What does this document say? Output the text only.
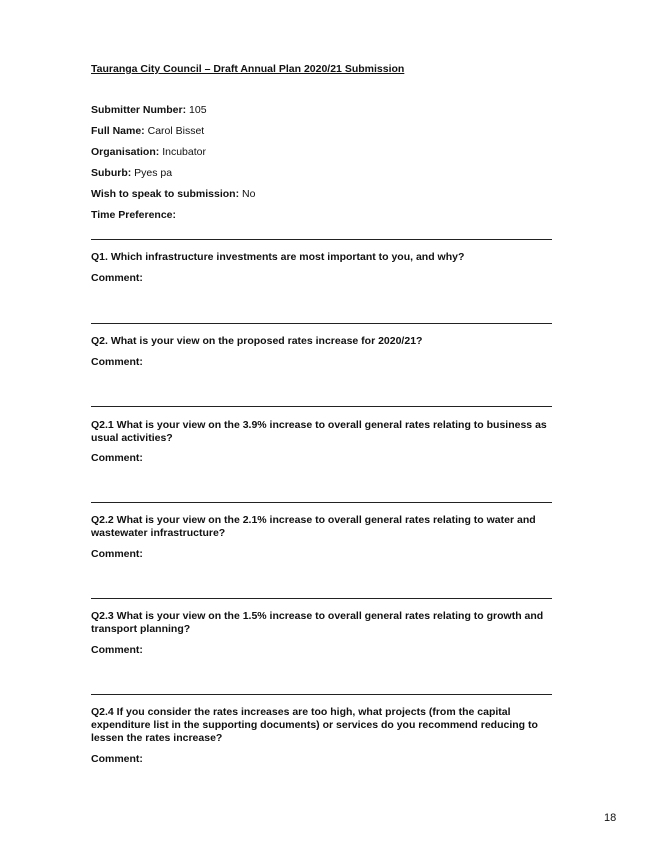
Tauranga City Council – Draft Annual Plan 2020/21 Submission
Submitter Number: 105
Full Name: Carol Bisset
Organisation: Incubator
Suburb: Pyes pa
Wish to speak to submission: No
Time Preference:
Q1. Which infrastructure investments are most important to you, and why?
Comment:
Q2. What is your view on the proposed rates increase for 2020/21?
Comment:
Q2.1 What is your view on the 3.9% increase to overall general rates relating to business as usual activities?
Comment:
Q2.2 What is your view on the 2.1% increase to overall general rates relating to water and wastewater infrastructure?
Comment:
Q2.3 What is your view on the 1.5% increase to overall general rates relating to growth and transport planning?
Comment:
Q2.4 If you consider the rates increases are too high, what projects (from the capital expenditure list in the supporting documents) or services do you recommend reducing to lessen the rates increase?
Comment:
18
